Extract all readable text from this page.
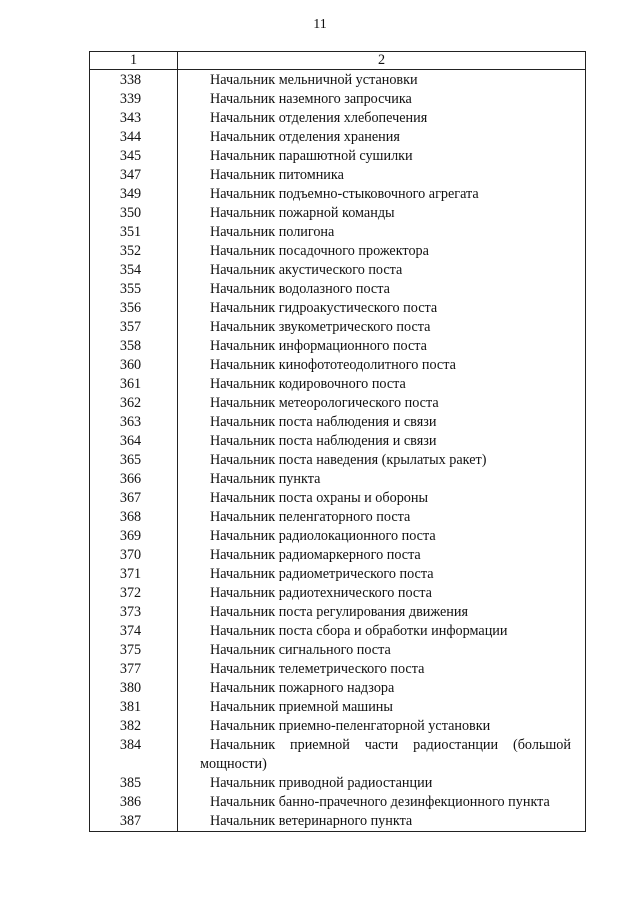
11
1	2
338	Начальник мельничной установки
339	Начальник наземного запросчика
343	Начальник отделения хлебопечения
344	Начальник отделения хранения
345	Начальник парашютной сушилки
347	Начальник питомника
349	Начальник подъемно-стыковочного агрегата
350	Начальник пожарной команды
351	Начальник полигона
352	Начальник посадочного прожектора
354	Начальник акустического поста
355	Начальник водолазного поста
356	Начальник гидроакустического поста
357	Начальник звукометрического поста
358	Начальник информационного поста
360	Начальник кинофототеодолитного поста
361	Начальник кодировочного поста
362	Начальник метеорологического поста
363	Начальник поста наблюдения и связи
364	Начальник поста наблюдения и связи
365	Начальник поста наведения (крылатых ракет)
366	Начальник пункта
367	Начальник поста охраны и обороны
368	Начальник пеленгаторного поста
369	Начальник радиолокационного поста
370	Начальник радиомаркерного поста
371	Начальник радиометрического поста
372	Начальник радиотехнического поста
373	Начальник поста регулирования движения
374	Начальник поста сбора и обработки информации
375	Начальник сигнального поста
377	Начальник телеметрического поста
380	Начальник пожарного надзора
381	Начальник приемной машины
382	Начальник приемно-пеленгаторной установки
384	Начальник приемной части радиостанции (большой мощности)
385	Начальник приводной радиостанции
386	Начальник банно-прачечного дезинфекционного пункта
387	Начальник ветеринарного пункта
